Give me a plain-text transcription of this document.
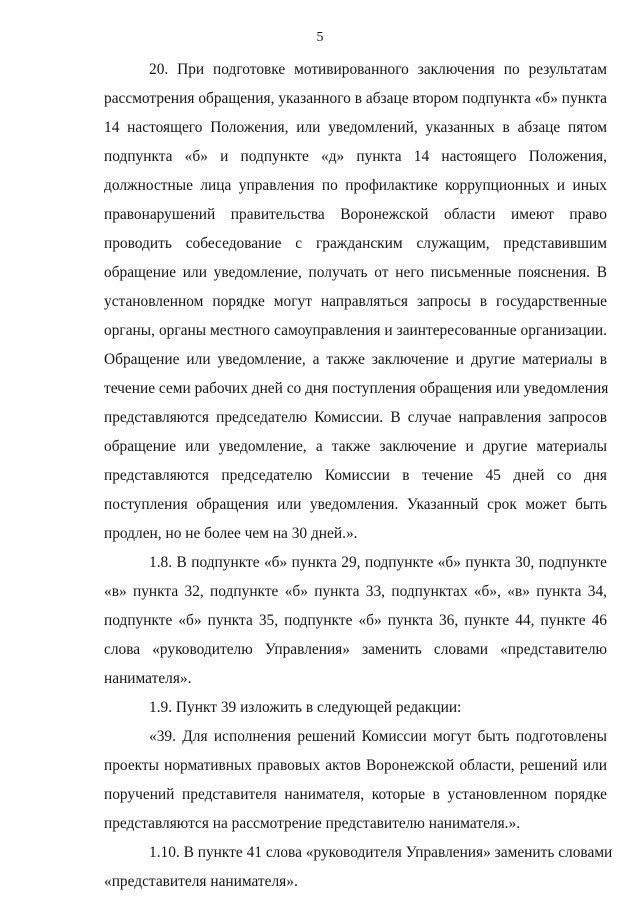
5
20. При подготовке мотивированного заключения по результатам
рассмотрения обращения, указанного в абзаце втором подпункта «б» пункта
14 настоящего Положения, или уведомлений, указанных в абзаце пятом
подпункта «б» и подпункте «д» пункта 14 настоящего Положения,
должностные лица управления по профилактике коррупционных и иных
правонарушений правительства Воронежской области имеют право
проводить собеседование с гражданским служащим, представившим
обращение или уведомление, получать от него письменные пояснения. В
установленном порядке могут направляться запросы в государственные
органы, органы местного самоуправления и заинтересованные организации.
Обращение или уведомление, а также заключение и другие материалы в
течение семи рабочих дней со дня поступления обращения или уведомления
представляются председателю Комиссии. В случае направления запросов
обращение или уведомление, а также заключение и другие материалы
представляются председателю Комиссии в течение 45 дней со дня
поступления обращения или уведомления. Указанный срок может быть
продлен, но не более чем на 30 дней.».
1.8. В подпункте «б» пункта 29, подпункте «б» пункта 30, подпункте
«в» пункта 32, подпункте «б» пункта 33, подпунктах «б», «в» пункта 34,
подпункте «б» пункта 35, подпункте «б» пункта 36, пункте 44, пункте 46
слова «руководителю Управления» заменить словами «представителю
нанимателя».
1.9. Пункт 39 изложить в следующей редакции:
«39. Для исполнения решений Комиссии могут быть подготовлены
проекты нормативных правовых актов Воронежской области, решений или
поручений представителя нанимателя, которые в установленном порядке
представляются на рассмотрение представителю нанимателя.».
1.10. В пункте 41 слова «руководителя Управления» заменить словами
«представителя нанимателя».
